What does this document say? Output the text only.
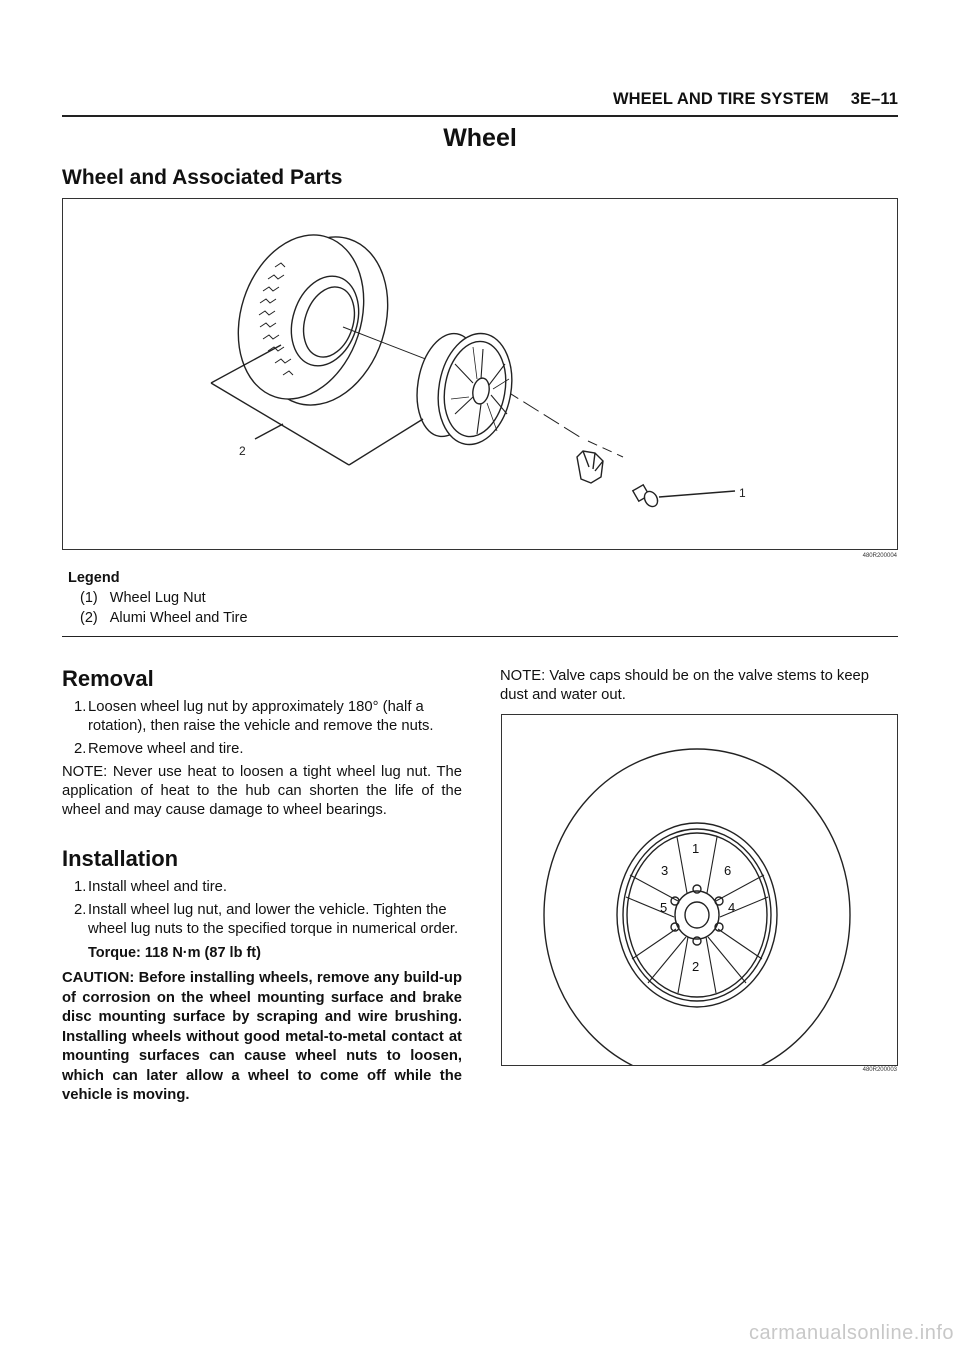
WHEEL AND TIRE SYSTEM 3E–11
Wheel
Wheel and Associated Parts
1
2
480R200004
Legend
(1) Wheel Lug Nut
(2) Alumi Wheel and Tire
Removal
1. Loosen wheel lug nut by approximately 180° (half a rotation), then raise the vehicle and remove the nuts.
2. Remove wheel and tire.
NOTE: Never use heat to loosen a tight wheel lug nut. The application of heat to the hub can shorten the life of the wheel and may cause damage to wheel bearings.
Installation
1. Install wheel and tire.
2. Install wheel lug nut, and lower the vehicle. Tighten the wheel lug nuts to the specified torque in numerical order.
Torque: 118 N·m (87 lb ft)
CAUTION: Before installing wheels, remove any build-up of corrosion on the wheel mounting surface and brake disc mounting surface by scraping and wire brushing. Installing wheels without good metal-to-metal contact at mounting surfaces can cause wheel nuts to loosen, which can later allow a wheel to come off while the vehicle is moving.
NOTE: Valve caps should be on the valve stems to keep dust and water out.
1
2
3
4
5
6
480R200003
carmanualsonline.info
